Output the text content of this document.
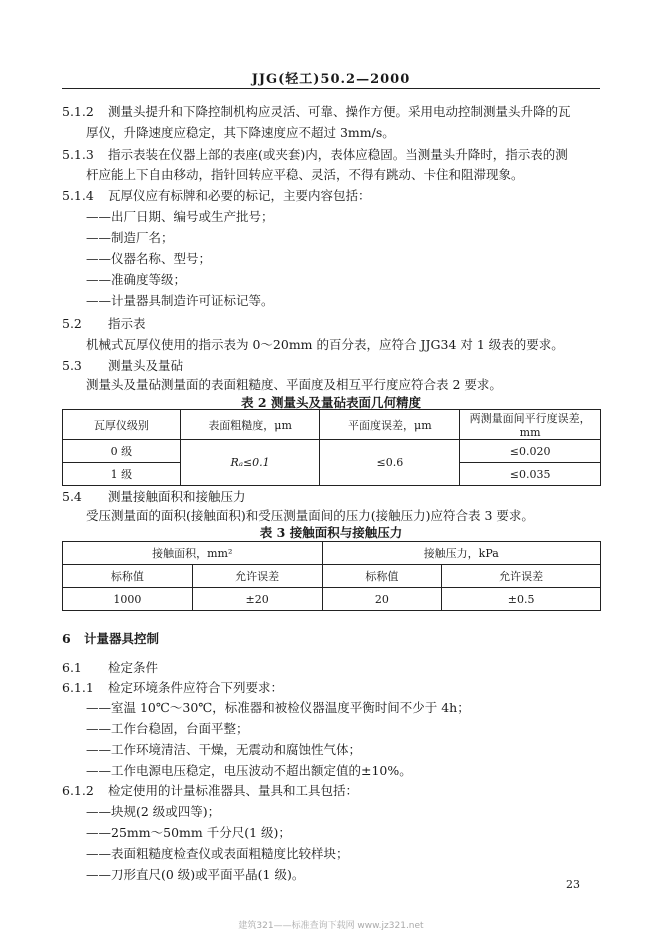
JJG(轻工)50.2—2000
5.1.2 测量头提升和下降控制机构应灵活、可靠、操作方便。采用电动控制测量头升降的瓦
厚仪，升降速度应稳定，其下降速度应不超过 3mm/s。
5.1.3 指示表装在仪器上部的表座(或夹套)内，表体应稳固。当测量头升降时，指示表的测
杆应能上下自由移动，指针回转应平稳、灵活，不得有跳动、卡住和阻滞现象。
5.1.4 瓦厚仪应有标牌和必要的标记，主要内容包括：
——出厂日期、编号或生产批号；
——制造厂名；
——仪器名称、型号；
——准确度等级；
——计量器具制造许可证标记等。
5.2 指示表
机械式瓦厚仪使用的指示表为 0～20mm 的百分表，应符合 JJG34 对 1 级表的要求。
5.3 测量头及量砧
测量头及量砧测量面的表面粗糙度、平面度及相互平行度应符合表 2 要求。
表 2 测量头及量砧表面几何精度
瓦厚仪级别	表面粗糙度，μm	平面度误差，μm	两测量面间平行度误差，mm
0 级	Rₐ≤0.1	≤0.6	≤0.020
1 级			≤0.035
5.4 测量接触面积和接触压力
受压测量面的面积(接触面积)和受压测量面间的压力(接触压力)应符合表 3 要求。
表 3 接触面积与接触压力
接触面积，mm²		接触压力，kPa	
标称值	允许误差	标称值	允许误差
1000	±20	20	±0.5
6 计量器具控制
6.1 检定条件
6.1.1 检定环境条件应符合下列要求：
——室温 10℃～30℃，标准器和被检仪器温度平衡时间不少于 4h；
——工作台稳固，台面平整；
——工作环境清洁、干燥，无震动和腐蚀性气体；
——工作电源电压稳定，电压波动不超出额定值的±10%。
6.1.2 检定使用的计量标准器具、量具和工具包括：
——块规(2 级或四等)；
——25mm～50mm 千分尺(1 级)；
——表面粗糙度检查仪或表面粗糙度比较样块；
——刀形直尺(0 级)或平面平晶(1 级)。
23
建筑321——标准查询下载网 www.jz321.net
